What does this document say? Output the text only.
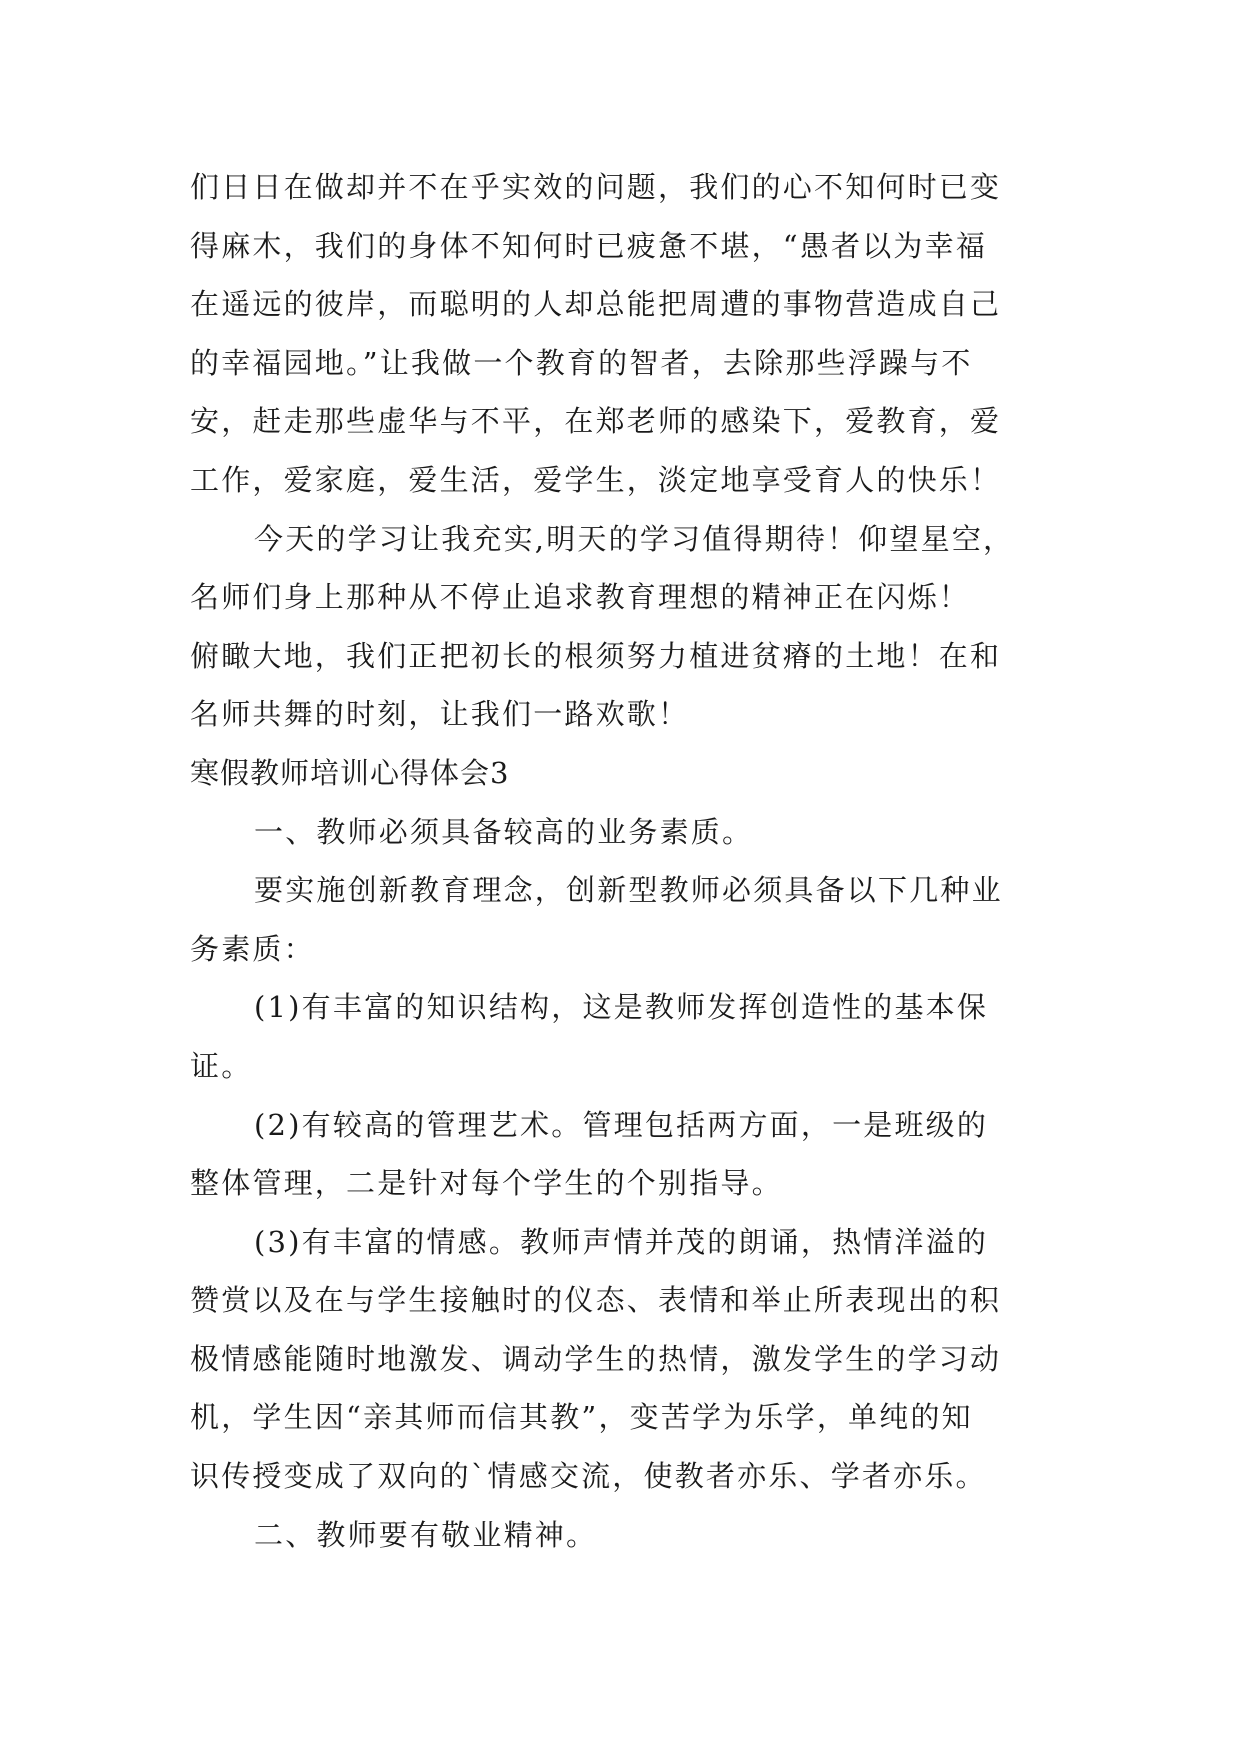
们日日在做却并不在乎实效的问题，我们的心不知何时已变
得麻木，我们的身体不知何时已疲惫不堪，“愚者以为幸福
在遥远的彼岸，而聪明的人却总能把周遭的事物营造成自己
的幸福园地。”让我做一个教育的智者，去除那些浮躁与不
安，赶走那些虚华与不平，在郑老师的感染下，爱教育，爱
工作，爱家庭，爱生活，爱学生，淡定地享受育人的快乐！

今天的学习让我充实,明天的学习值得期待！仰望星空，
名师们身上那种从不停止追求教育理想的精神正在闪烁！
俯瞰大地，我们正把初长的根须努力植进贫瘠的土地！在和
名师共舞的时刻，让我们一路欢歌！

寒假教师培训心得体会3

一、教师必须具备较高的业务素质。

要实施创新教育理念，创新型教师必须具备以下几种业
务素质：

(1)有丰富的知识结构，这是教师发挥创造性的基本保
证。

(2)有较高的管理艺术。管理包括两方面，一是班级的
整体管理，二是针对每个学生的个别指导。

(3)有丰富的情感。教师声情并茂的朗诵，热情洋溢的
赞赏以及在与学生接触时的仪态、表情和举止所表现出的积
极情感能随时地激发、调动学生的热情，激发学生的学习动
机，学生因“亲其师而信其教”，变苦学为乐学，单纯的知
识传授变成了双向的`情感交流，使教者亦乐、学者亦乐。

二、教师要有敬业精神。
